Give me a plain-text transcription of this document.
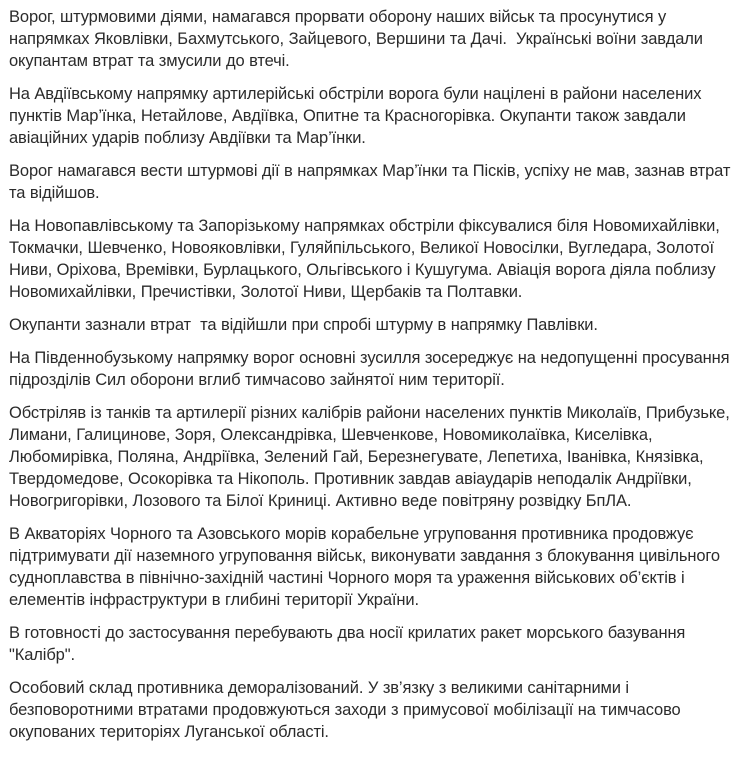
Ворог, штурмовими діями, намагався прорвати оборону наших військ та просунутися у напрямках Яковлівки, Бахмутського, Зайцевого, Вершини та Дачі.  Українські воїни завдали окупантам втрат та змусили до втечі.

На Авдіївському напрямку артилерійські обстріли ворога були націлені в райони населених пунктів Мар’їнка, Нетайлове, Авдіївка, Опитне та Красногорівка. Окупанти також завдали авіаційних ударів поблизу Авдіївки та Мар’їнки.

Ворог намагався вести штурмові дії в напрямках Мар’їнки та Пісків, успіху не мав, зазнав втрат та відійшов.

На Новопавлівському та Запорізькому напрямках обстріли фіксувалися біля Новомихайлівки, Токмачки, Шевченко, Новояковлівки, Гуляйпільського, Великої Новосілки, Вугледара, Золотої Ниви, Оріхова, Времівки, Бурлацького, Ольгівського і Кушугума. Авіація ворога діяла поблизу Новомихайлівки, Пречистівки, Золотої Ниви, Щербаків та Полтавки.

Окупанти зазнали втрат  та відійшли при спробі штурму в напрямку Павлівки.

На Південнобузькому напрямку ворог основні зусилля зосереджує на недопущенні просування підрозділів Сил оборони вглиб тимчасово зайнятої ним території.

Обстріляв із танків та артилерії різних калібрів райони населених пунктів Миколаїв, Прибузьке, Лимани, Галицинове, Зоря, Олександрівка, Шевченкове, Новомиколаївка, Киселівка, Любомирівка, Поляна, Андріївка, Зелений Гай, Березнегувате, Лепетиха, Іванівка, Князівка, Твердомедове, Осокорівка та Нікополь. Противник завдав авіаударів неподалік Андріївки, Новогригорівки, Лозового та Білої Криниці. Активно веде повітряну розвідку БпЛА.

В Акваторіях Чорного та Азовського морів корабельне угруповання противника продовжує підтримувати дії наземного угруповання військ, виконувати завдання з блокування цивільного судноплавства в північно-західній частині Чорного моря та ураження військових об’єктів і елементів інфраструктури в глибині території України.

В готовності до застосування перебувають два носії крилатих ракет морського базування "Калібр".

Особовий склад противника деморалізований. У зв’язку з великими санітарними і безповоротними втратами продовжуються заходи з примусової мобілізації на тимчасово окупованих територіях Луганської області.
